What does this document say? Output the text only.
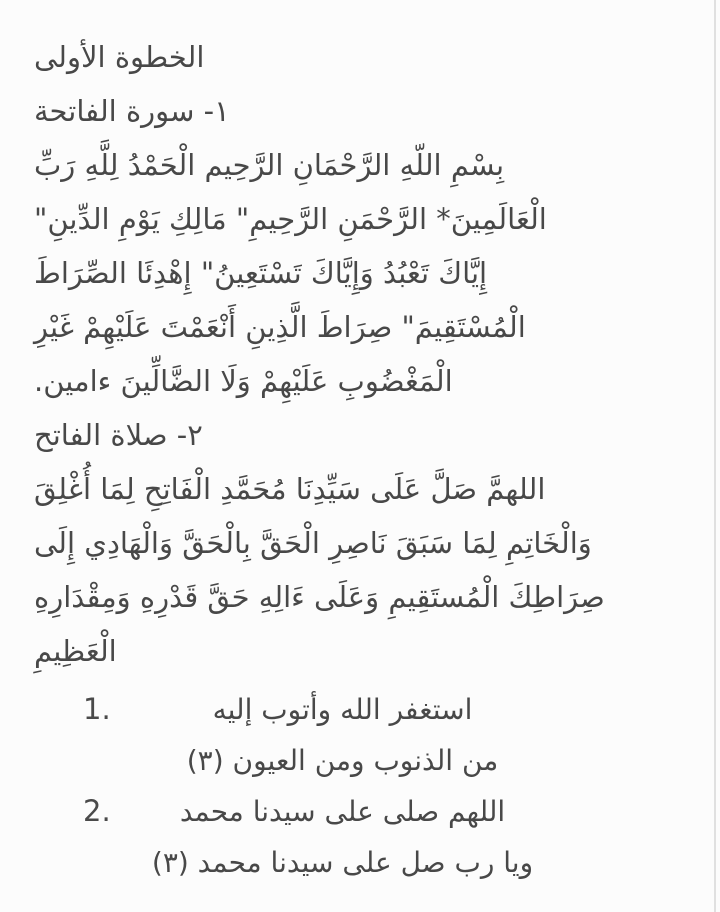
الخطوة الأولى
١- سورة الفاتحة
بِسْمِ اللّهِ الرَّحْمَانِ الرَّحِيم الْحَمْدُ لِلَّهِ رَبِّ
الْعَالَمِينَ* الرَّحْمَنِ الرَّحِيمِ" مَالِكِ يَوْمِ الدِّينِ"
إِيَّاكَ تَعْبُدُ وَإِيَّاكَ تَسْتَعِينُ" إِهْدِئَا الصِّرَاطَ
الْمُسْتَقِيمَ" صِرَاطَ الَّذِينِ أَنْعَمْتَ عَلَيْهِمْ غَيْرِ
الْمَغْضُوبِ عَلَيْهِمْ وَلَا الضَّالِّينَ ءامين.
٢- صلاة الفاتح
اللهمَّ صَلَّ عَلَى سَيِّدِنَا مُحَمَّدِ الْفَاتِحِ لِمَا أُغْلِقَ
وَالْخَاتِمِ لِمَا سَبَقَ نَاصِرِ الْحَقَّ بِالْحَقَّ وَالْهَادِي إِلَى
صِرَاطِكَ الْمُستَقِيمِ وَعَلَى ءَالِهِ حَقَّ قَدْرِهِ وَمِقْدَارِهِ
الْعَظِيمِ
1.	استغفر الله وأتوب إليه
من الذنوب ومن العيون (٣)
2. اللهم صلى على سيدنا محمد
ويا رب صل على سيدنا محمد (٣)
